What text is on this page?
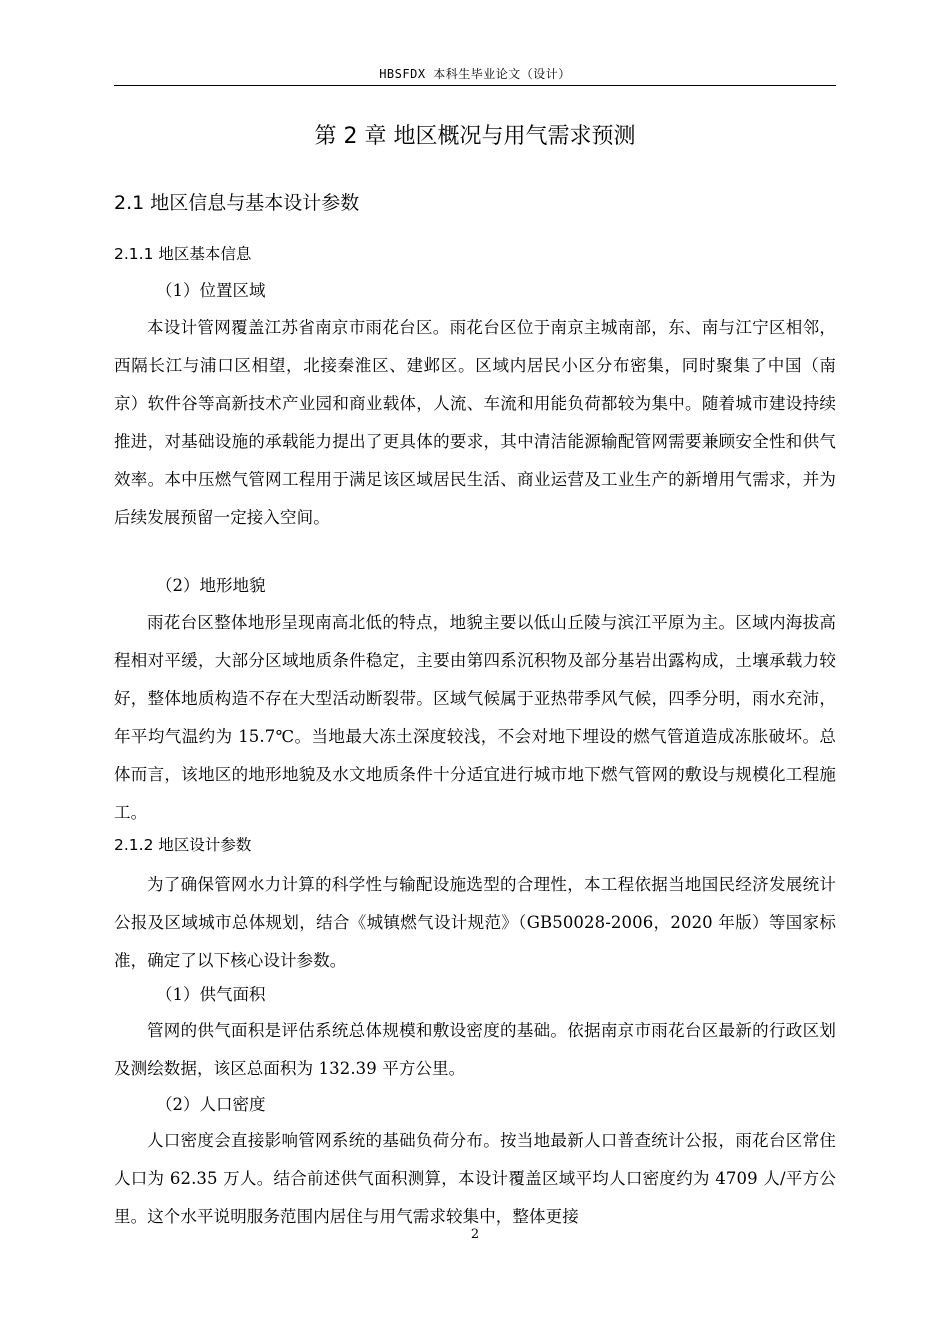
HBSFDX 本科生毕业论文（设计）
第 2 章 地区概况与用气需求预测
2.1 地区信息与基本设计参数
2.1.1 地区基本信息
（1）位置区域

本设计管网覆盖江苏省南京市雨花台区。雨花台区位于南京主城南部，东、南与江宁区相邻，西隔长江与浦口区相望，北接秦淮区、建邺区。区域内居民小区分布密集，同时聚集了中国（南京）软件谷等高新技术产业园和商业载体，人流、车流和用能负荷都较为集中。随着城市建设持续推进，对基础设施的承载能力提出了更具体的要求，其中清洁能源输配管网需要兼顾安全性和供气效率。本中压燃气管网工程用于满足该区域居民生活、商业运营及工业生产的新增用气需求，并为后续发展预留一定接入空间。

（2）地形地貌

雨花台区整体地形呈现南高北低的特点，地貌主要以低山丘陵与滨江平原为主。区域内海拔高程相对平缓，大部分区域地质条件稳定，主要由第四系沉积物及部分基岩出露构成，土壤承载力较好，整体地质构造不存在大型活动断裂带。区域气候属于亚热带季风气候，四季分明，雨水充沛，年平均气温约为 15.7℃。当地最大冻土深度较浅，不会对地下埋设的燃气管道造成冻胀破坏。总体而言，该地区的地形地貌及水文地质条件十分适宜进行城市地下燃气管网的敷设与规模化工程施工。

2.1.2 地区设计参数

为了确保管网水力计算的科学性与输配设施选型的合理性，本工程依据当地国民经济发展统计公报及区域城市总体规划，结合《城镇燃气设计规范》（GB50028-2006，2020 年版）等国家标准，确定了以下核心设计参数。

（1）供气面积

管网的供气面积是评估系统总体规模和敷设密度的基础。依据南京市雨花台区最新的行政区划及测绘数据，该区总面积为 132.39 平方公里。

（2）人口密度

人口密度会直接影响管网系统的基础负荷分布。按当地最新人口普查统计公报，雨花台区常住人口为 62.35 万人。结合前述供气面积测算，本设计覆盖区域平均人口密度约为 4709 人/平方公里。这个水平说明服务范围内居住与用气需求较集中，整体更接

2
